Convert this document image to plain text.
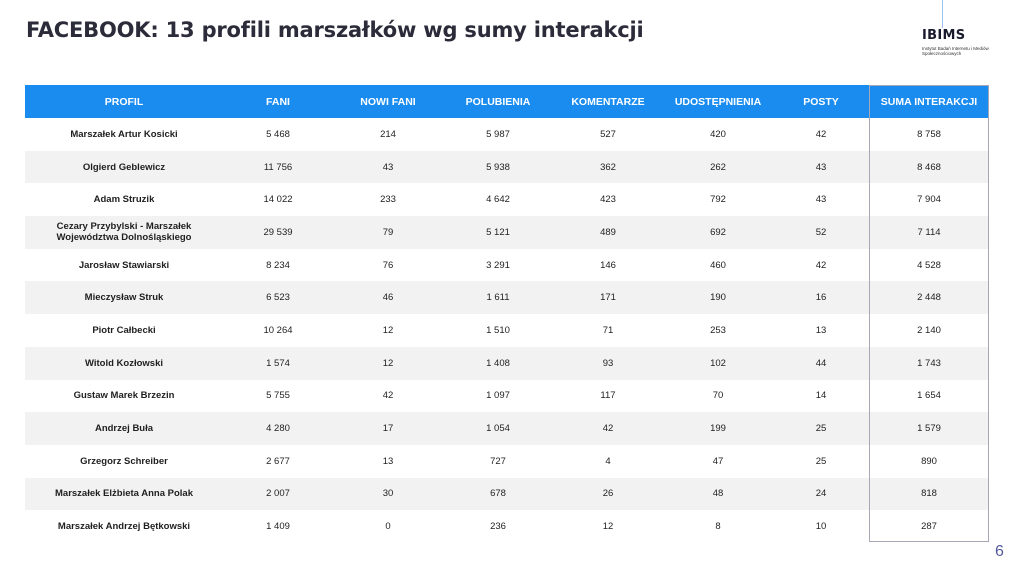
FACEBOOK: 13 profili marszałków wg sumy interakcji	IBIMS
Instytut Badań Internetu i Mediów Społecznościowych
PROFIL	FANI	NOWI FANI	POLUBIENIA	KOMENTARZE	UDOSTĘPNIENIA	POSTY	SUMA INTERAKCJI
Marszałek Artur Kosicki	5 468	214	5 987	527	420	42	8 758
Olgierd Geblewicz	11 756	43	5 938	362	262	43	8 468
Adam Struzik	14 022	233	4 642	423	792	43	7 904
Cezary Przybylski - Marszałek Województwa Dolnośląskiego	29 539	79	5 121	489	692	52	7 114
Jarosław Stawiarski	8 234	76	3 291	146	460	42	4 528
Mieczysław Struk	6 523	46	1 611	171	190	16	2 448
Piotr Całbecki	10 264	12	1 510	71	253	13	2 140
Witold Kozłowski	1 574	12	1 408	93	102	44	1 743
Gustaw Marek Brzezin	5 755	42	1 097	117	70	14	1 654
Andrzej Buła	4 280	17	1 054	42	199	25	1 579
Grzegorz Schreiber	2 677	13	727	4	47	25	890
Marszałek Elżbieta Anna Polak	2 007	30	678	26	48	24	818
Marszałek Andrzej Bętkowski	1 409	0	236	12	8	10	287
6
